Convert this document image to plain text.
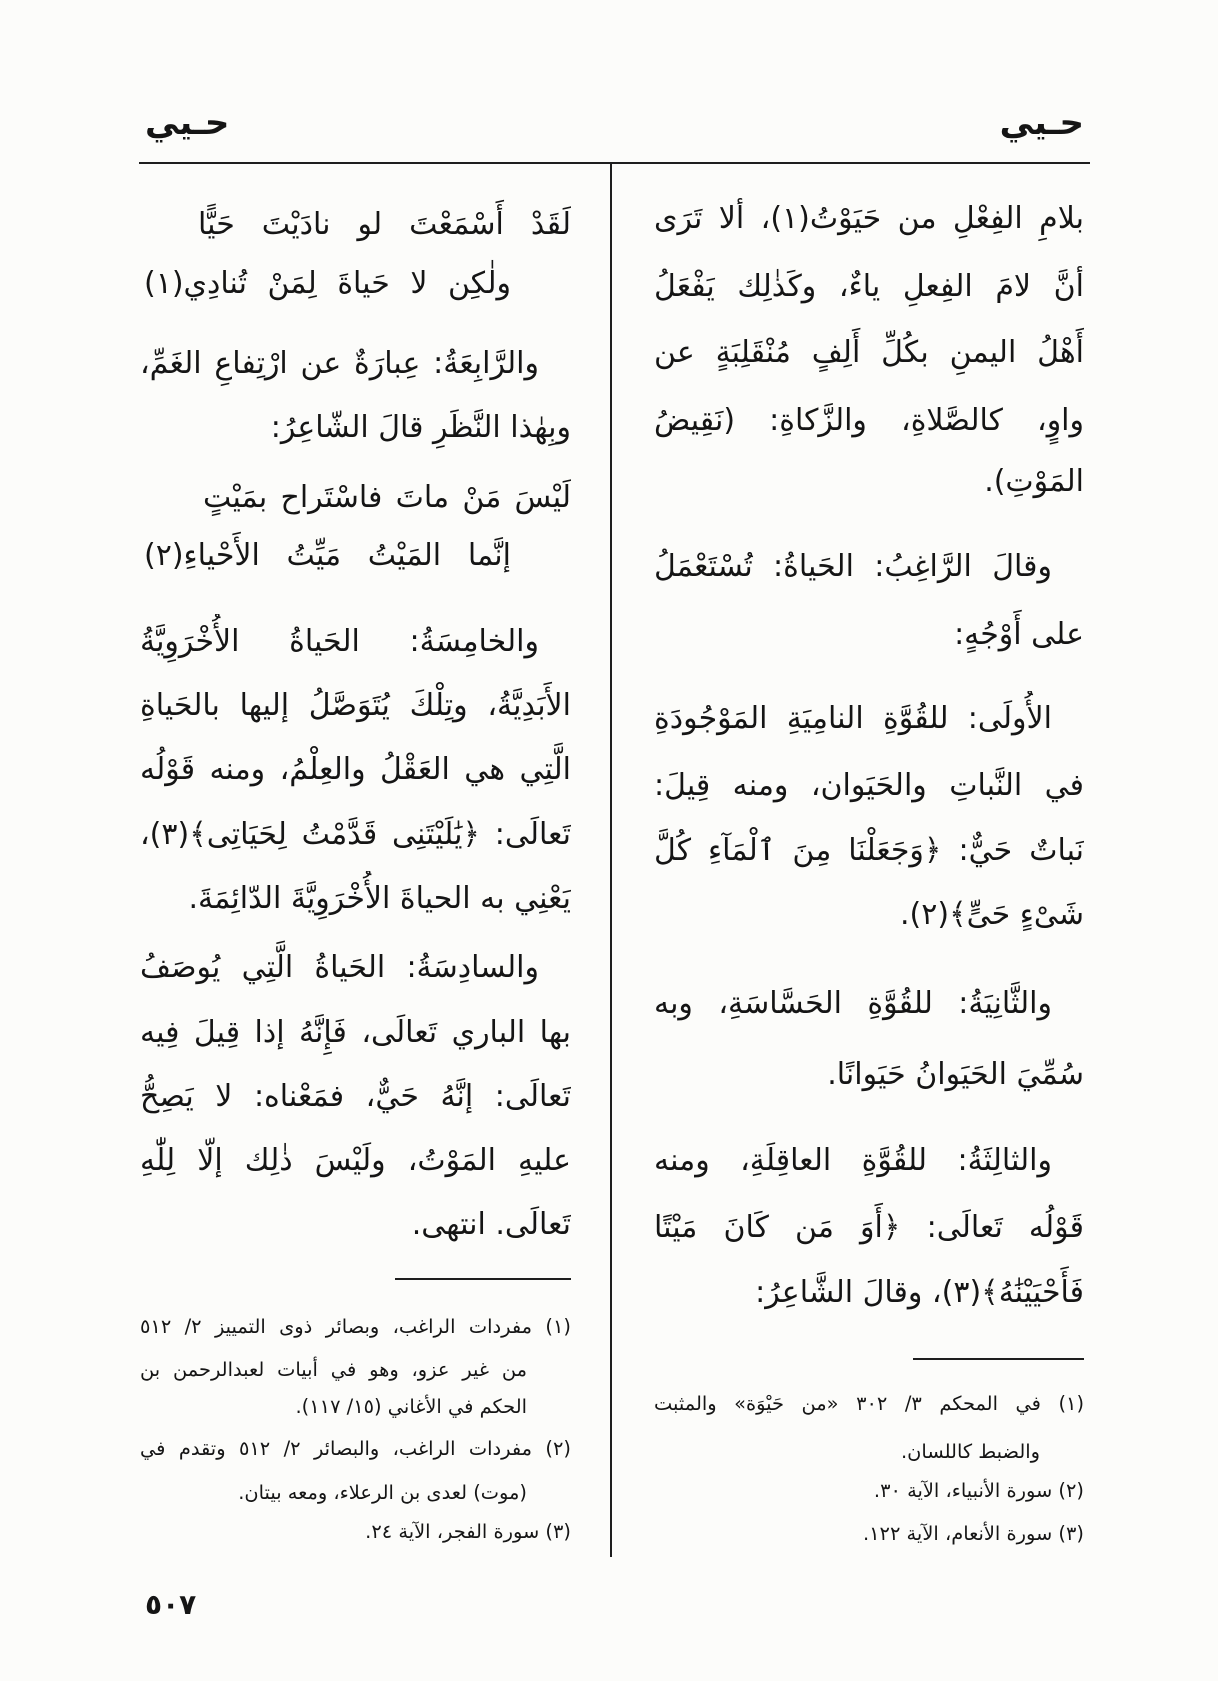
حـيي
حـيي
بلامِ الفِعْلِ من حَيَوْتُ(١)، ألا تَرَى
أنَّ لامَ الفِعلِ ياءٌ، وكَذٰلِك يَفْعَلُ
أَهْلُ اليمنِ بكُلِّ أَلِفٍ مُنْقَلِبَةٍ عن
واوٍ، كالصَّلاةِ، والزَّكاةِ: (نَقِيضُ
المَوْتِ).
وقالَ الرَّاغِبُ: الحَياةُ: تُسْتَعْمَلُ
على أَوْجُهٍ:
الأُولَى: للقُوَّةِ النامِيَةِ المَوْجُودَةِ
في النَّباتِ والحَيَوان، ومنه قِيلَ:
نَباتٌ حَيٌّ: ﴿وَجَعَلْنَا مِنَ ٱلْمَآءِ كُلَّ
شَىْءٍ حَىٍّ﴾(٢).
والثَّانِيَةُ: للقُوَّةِ الحَسَّاسَةِ، وبه
سُمِّيَ الحَيَوانُ حَيَوانًا.
والثالِثَةُ: للقُوَّةِ العاقِلَةِ، ومنه
قَوْلُه تَعالَى: ﴿أَوَ مَن كَانَ مَيْتًا
فَأَحْيَيْنَٰهُ﴾(٣)، وقالَ الشَّاعِرُ:
(١) في المحكم ٣/ ٣٠٢ «من حَيْوَة» والمثبت
والضبط كاللسان.
(٢) سورة الأنبياء، الآية ٣٠.
(٣) سورة الأنعام، الآية ١٢٢.
لَقَدْ أَسْمَعْتَ لو نادَيْتَ حَيًّا
ولٰكِن لا حَياةَ لِمَنْ تُنادِي(١)
والرَّابِعَةُ: عِبارَةٌ عن ارْتِفاعِ الغَمِّ،
وبِهٰذا النَّظَرِ قالَ الشّاعِرُ:
لَيْسَ مَنْ ماتَ فاسْتَراح بمَيْتٍ
إنَّما المَيْتُ مَيِّتُ الأَحْياءِ(٢)
والخامِسَةُ: الحَياةُ الأُخْرَوِيَّةُ
الأَبَدِيَّةُ، وتِلْكَ يُتَوَصَّلُ إليها بالحَياةِ
الَّتِي هي العَقْلُ والعِلْمُ، ومنه قَوْلُه
تَعالَى: ﴿يَٰلَيْتَنِى قَدَّمْتُ لِحَيَاتِى﴾(٣)،
يَعْنِي به الحياةَ الأُخْرَوِيَّةَ الدّائِمَةَ.
والسادِسَةُ: الحَياةُ الَّتِي يُوصَفُ
بها الباري تَعالَى، فَإِنَّهُ إذا قِيلَ فِيه
تَعالَى: إنَّهُ حَيٌّ، فمَعْناه: لا يَصِحُّ
عليهِ المَوْتُ، ولَيْسَ ذٰلِك إلّا لِلّٰهِ
تَعالَى. انتهى.
(١) مفردات الراغب، وبصائر ذوى التمييز ٢/ ٥١٢
من غير عزو، وهو في أبيات لعبدالرحمن بن
الحكم في الأغاني (١٥/ ١١٧).
(٢) مفردات الراغب، والبصائر ٢/ ٥١٢ وتقدم في
(موت) لعدى بن الرعلاء، ومعه بيتان.
(٣) سورة الفجر، الآية ٢٤.
٥٠٧
